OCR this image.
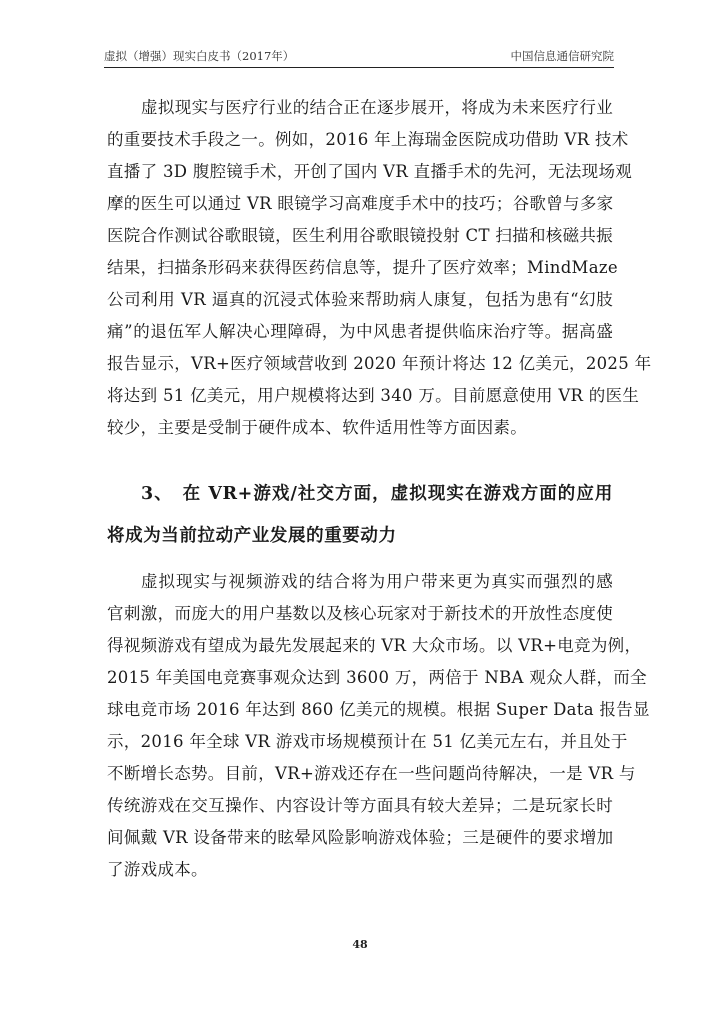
虚拟（增强）现实白皮书（2017年）	中国信息通信研究院
虚拟现实与医疗行业的结合正在逐步展开，将成为未来医疗行业
的重要技术手段之一。例如，2016 年上海瑞金医院成功借助 VR 技术
直播了 3D 腹腔镜手术，开创了国内 VR 直播手术的先河，无法现场观
摩的医生可以通过 VR 眼镜学习高难度手术中的技巧；谷歌曾与多家
医院合作测试谷歌眼镜，医生利用谷歌眼镜投射 CT 扫描和核磁共振
结果，扫描条形码来获得医药信息等，提升了医疗效率；MindMaze
公司利用 VR 逼真的沉浸式体验来帮助病人康复，包括为患有“幻肢
痛”的退伍军人解决心理障碍，为中风患者提供临床治疗等。据高盛
报告显示，VR+医疗领域营收到 2020 年预计将达 12 亿美元，2025 年
将达到 51 亿美元，用户规模将达到 340 万。目前愿意使用 VR 的医生
较少，主要是受制于硬件成本、软件适用性等方面因素。
3、　在 VR+游戏/社交方面，虚拟现实在游戏方面的应用
将成为当前拉动产业发展的重要动力
虚拟现实与视频游戏的结合将为用户带来更为真实而强烈的感
官刺激，而庞大的用户基数以及核心玩家对于新技术的开放性态度使
得视频游戏有望成为最先发展起来的 VR 大众市场。以 VR+电竞为例，
2015 年美国电竞赛事观众达到 3600 万，两倍于 NBA 观众人群，而全
球电竞市场 2016 年达到 860 亿美元的规模。根据 Super Data 报告显
示，2016 年全球 VR 游戏市场规模预计在 51 亿美元左右，并且处于
不断增长态势。目前，VR+游戏还存在一些问题尚待解决，一是 VR 与
传统游戏在交互操作、内容设计等方面具有较大差异；二是玩家长时
间佩戴 VR 设备带来的眩晕风险影响游戏体验；三是硬件的要求增加
了游戏成本。
48
